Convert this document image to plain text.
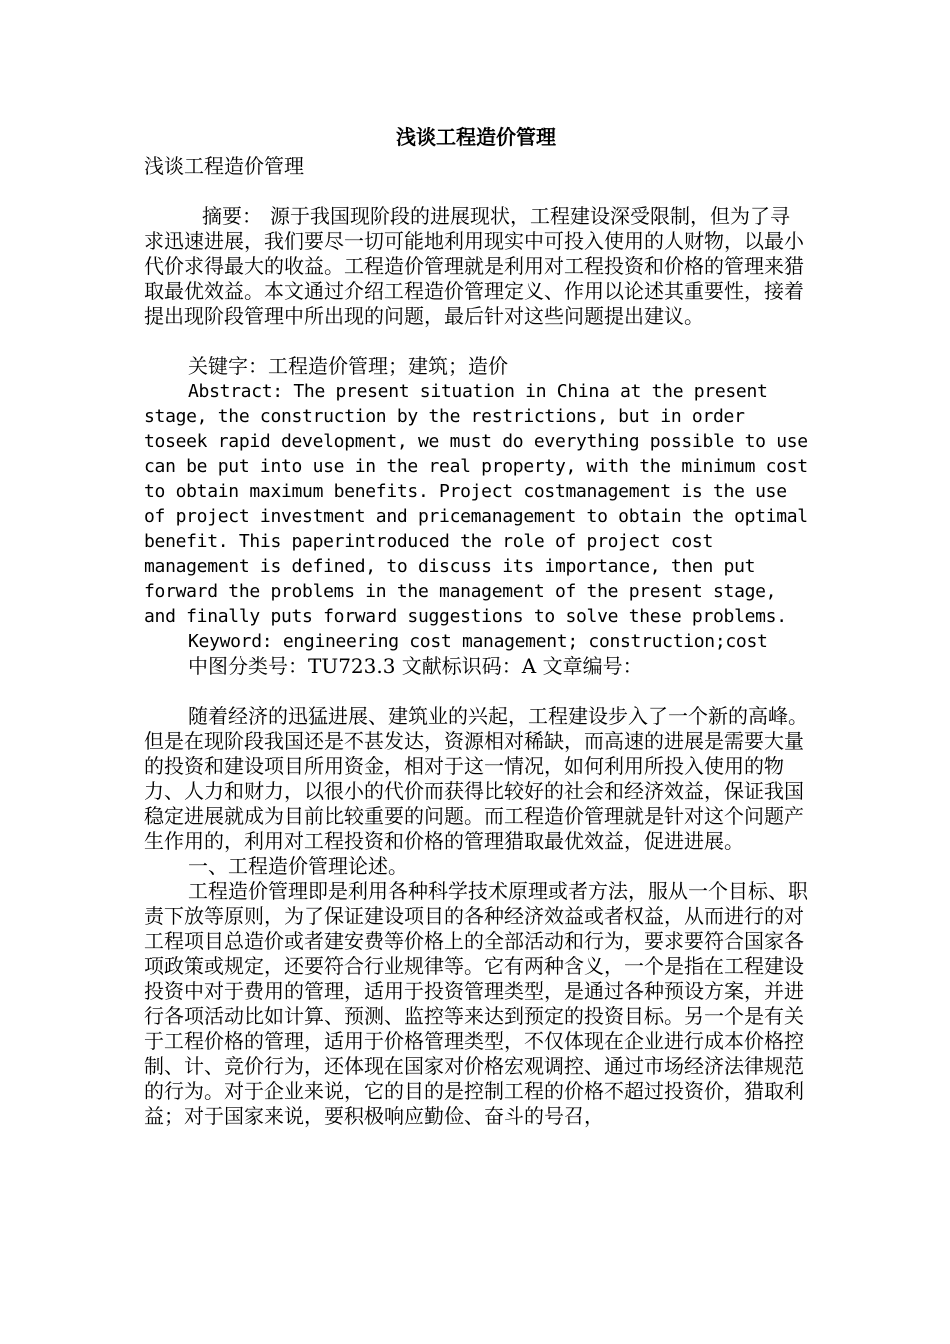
浅谈工程造价管理

浅谈工程造价管理

摘要： 源于我国现阶段的进展现状，工程建设深受限制，但为了寻求迅速进展，我们要尽一切可能地利用现实中可投入使用的人财物，以最小代价求得最大的收益。工程造价管理就是利用对工程投资和价格的管理来猎取最优效益。本文通过介绍工程造价管理定义、作用以论述其重要性，接着提出现阶段管理中所出现的问题，最后针对这些问题提出建议。

关键字：工程造价管理；建筑；造价

Abstract: The present situation in China at the present stage, the construction by the restrictions, but in order toseek rapid development, we must do everything possible to use can be put into use in the real property, with the minimum cost to obtain maximum benefits. Project costmanagement is the use of project investment and pricemanagement to obtain the optimal benefit. This paperintroduced the role of project cost management is defined, to discuss its importance, then put forward the problems in the management of the present stage, and finally puts forward suggestions to solve these problems.

Keyword: engineering cost management; construction;cost

中图分类号：TU723.3 文献标识码：A 文章编号：

随着经济的迅猛进展、建筑业的兴起，工程建设步入了一个新的高峰。但是在现阶段我国还是不甚发达，资源相对稀缺，而高速的进展是需要大量的投资和建设项目所用资金，相对于这一情况，如何利用所投入使用的物力、人力和财力，以很小的代价而获得比较好的社会和经济效益，保证我国稳定进展就成为目前比较重要的问题。而工程造价管理就是针对这个问题产生作用的，利用对工程投资和价格的管理猎取最优效益，促进进展。

一、工程造价管理论述。

工程造价管理即是利用各种科学技术原理或者方法，服从一个目标、职责下放等原则，为了保证建设项目的各种经济效益或者权益，从而进行的对工程项目总造价或者建安费等价格上的全部活动和行为，要求要符合国家各项政策或规定，还要符合行业规律等。它有两种含义，一个是指在工程建设投资中对于费用的管理，适用于投资管理类型，是通过各种预设方案，并进行各项活动比如计算、预测、监控等来达到预定的投资目标。另一个是有关于工程价格的管理，适用于价格管理类型，不仅体现在企业进行成本价格控制、计、竞价行为，还体现在国家对价格宏观调控、通过市场经济法律规范的行为。对于企业来说，它的目的是控制工程的价格不超过投资价，猎取利益；对于国家来说，要积极响应勤俭、奋斗的号召，
